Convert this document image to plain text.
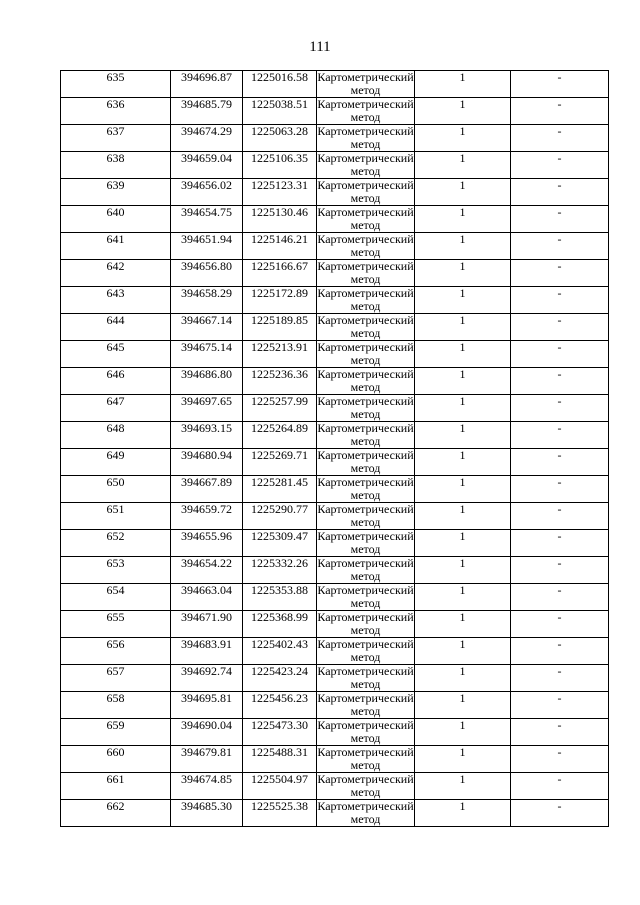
111
635	394696.87	1225016.58	Картометрический метод	1	-
636	394685.79	1225038.51	Картометрический метод	1	-
637	394674.29	1225063.28	Картометрический метод	1	-
638	394659.04	1225106.35	Картометрический метод	1	-
639	394656.02	1225123.31	Картометрический метод	1	-
640	394654.75	1225130.46	Картометрический метод	1	-
641	394651.94	1225146.21	Картометрический метод	1	-
642	394656.80	1225166.67	Картометрический метод	1	-
643	394658.29	1225172.89	Картометрический метод	1	-
644	394667.14	1225189.85	Картометрический метод	1	-
645	394675.14	1225213.91	Картометрический метод	1	-
646	394686.80	1225236.36	Картометрический метод	1	-
647	394697.65	1225257.99	Картометрический метод	1	-
648	394693.15	1225264.89	Картометрический метод	1	-
649	394680.94	1225269.71	Картометрический метод	1	-
650	394667.89	1225281.45	Картометрический метод	1	-
651	394659.72	1225290.77	Картометрический метод	1	-
652	394655.96	1225309.47	Картометрический метод	1	-
653	394654.22	1225332.26	Картометрический метод	1	-
654	394663.04	1225353.88	Картометрический метод	1	-
655	394671.90	1225368.99	Картометрический метод	1	-
656	394683.91	1225402.43	Картометрический метод	1	-
657	394692.74	1225423.24	Картометрический метод	1	-
658	394695.81	1225456.23	Картометрический метод	1	-
659	394690.04	1225473.30	Картометрический метод	1	-
660	394679.81	1225488.31	Картометрический метод	1	-
661	394674.85	1225504.97	Картометрический метод	1	-
662	394685.30	1225525.38	Картометрический метод	1	-
